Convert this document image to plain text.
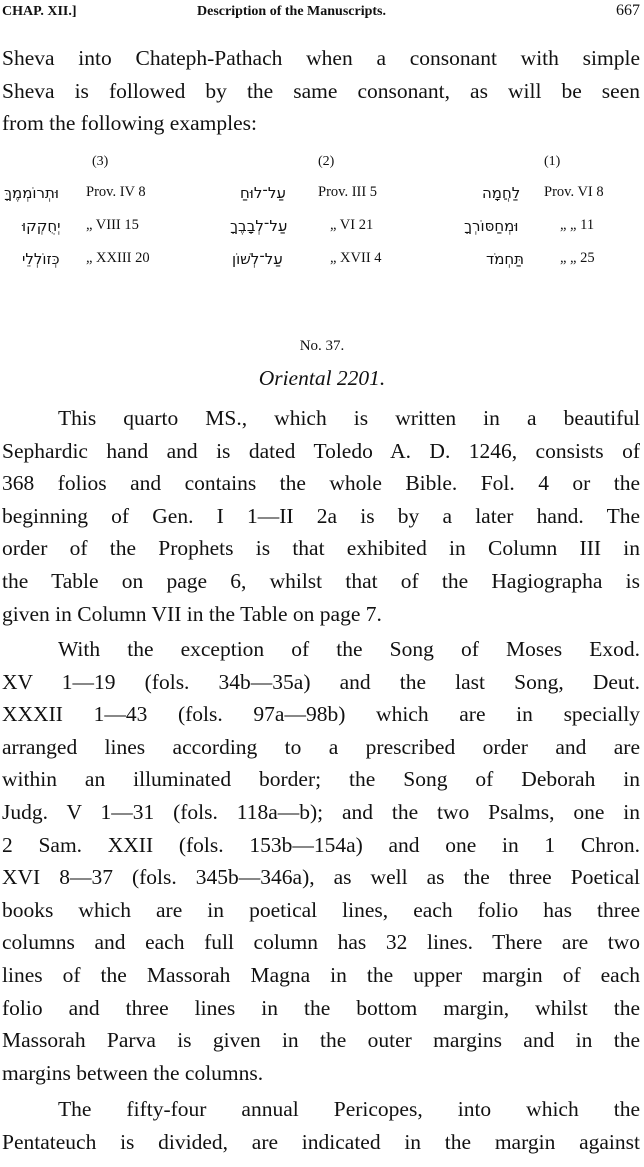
CHAP. XII.]	Description of the Manuscripts.	667
Sheva into Chateph-Pathach when a consonant with simple
Sheva is followed by the same consonant, as will be seen
from the following examples:
(3)	(2)	(1)
וּתְרוֹמְמֶךָּ Prov. IV 8	עַל־לוּחַ Prov. III 5	לַחֲמָה Prov. VI 8
יְחֻקְקוּ „ VIII 15	עַל־לְבָבֶךָ	„ VI 21	וּמְחַסּוֹרְךָ	„ „ 11
כְּזוֹלְלֵי „ XXIII 20	עַל־לְשׁוֹן	„ XVII 4	תַּחְמֹד „ „ 25
No. 37.
Oriental 2201.
This quarto MS., which is written in a beautiful
Sephardic hand and is dated Toledo A. D. 1246, consists of
368 folios and contains the whole Bible. Fol. 4 or the
beginning of Gen. I 1—II 2a is by a later hand. The
order of the Prophets is that exhibited in Column III in
the Table on page 6, whilst that of the Hagiographa is
given in Column VII in the Table on page 7.
With the exception of the Song of Moses Exod.
XV 1—19 (fols. 34b—35a) and the last Song, Deut.
XXXII 1—43 (fols. 97a—98b) which are in specially
arranged lines according to a prescribed order and are
within an illuminated border; the Song of Deborah in
Judg. V 1—31 (fols. 118a—b); and the two Psalms, one in
2 Sam. XXII (fols. 153b—154a) and one in 1 Chron.
XVI 8—37 (fols. 345b—346a), as well as the three Poetical
books which are in poetical lines, each folio has three
columns and each full column has 32 lines. There are two
lines of the Massorah Magna in the upper margin of each
folio and three lines in the bottom margin, whilst the
Massorah Parva is given in the outer margins and in the
margins between the columns.
The fifty-four annual Pericopes, into which the
Pentateuch is divided, are indicated in the margin against
